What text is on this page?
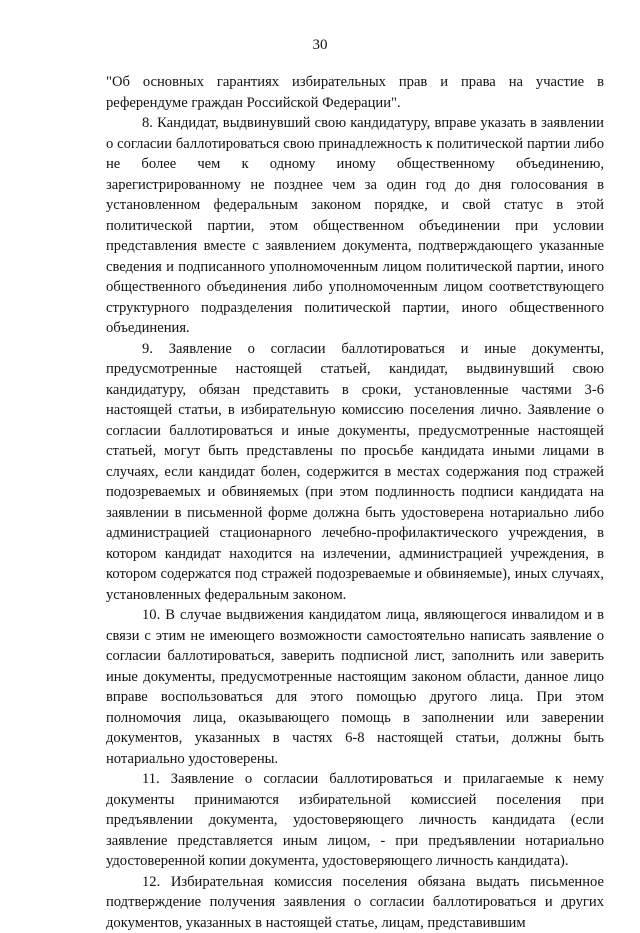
30

"Об основных гарантиях избирательных прав и права на участие в референдуме граждан Российской Федерации".

8. Кандидат, выдвинувший свою кандидатуру, вправе указать в заявлении о согласии баллотироваться свою принадлежность к политической партии либо не более чем к одному иному общественному объединению, зарегистрированному не позднее чем за один год до дня голосования в установленном федеральным законом порядке, и свой статус в этой политической партии, этом общественном объединении при условии представления вместе с заявлением документа, подтверждающего указанные сведения и подписанного уполномоченным лицом политической партии, иного общественного объединения либо уполномоченным лицом соответствующего структурного подразделения политической партии, иного общественного объединения.

9. Заявление о согласии баллотироваться и иные документы, предусмотренные настоящей статьей, кандидат, выдвинувший свою кандидатуру, обязан представить в сроки, установленные частями 3-6 настоящей статьи, в избирательную комиссию поселения лично. Заявление о согласии баллотироваться и иные документы, предусмотренные настоящей статьей, могут быть представлены по просьбе кандидата иными лицами в случаях, если кандидат болен, содержится в местах содержания под стражей подозреваемых и обвиняемых (при этом подлинность подписи кандидата на заявлении в письменной форме должна быть удостоверена нотариально либо администрацией стационарного лечебно-профилактического учреждения, в котором кандидат находится на излечении, администрацией учреждения, в котором содержатся под стражей подозреваемые и обвиняемые), иных случаях, установленных федеральным законом.

10. В случае выдвижения кандидатом лица, являющегося инвалидом и в связи с этим не имеющего возможности самостоятельно написать заявление о согласии баллотироваться, заверить подписной лист, заполнить или заверить иные документы, предусмотренные настоящим законом области, данное лицо вправе воспользоваться для этого помощью другого лица. При этом полномочия лица, оказывающего помощь в заполнении или заверении документов, указанных в частях 6-8 настоящей статьи, должны быть нотариально удостоверены.

11. Заявление о согласии баллотироваться и прилагаемые к нему документы принимаются избирательной комиссией поселения при предъявлении документа, удостоверяющего личность кандидата (если заявление представляется иным лицом, - при предъявлении нотариально удостоверенной копии документа, удостоверяющего личность кандидата).

12. Избирательная комиссия поселения обязана выдать письменное подтверждение получения заявления о согласии баллотироваться и других документов, указанных в настоящей статье, лицам, представившим
